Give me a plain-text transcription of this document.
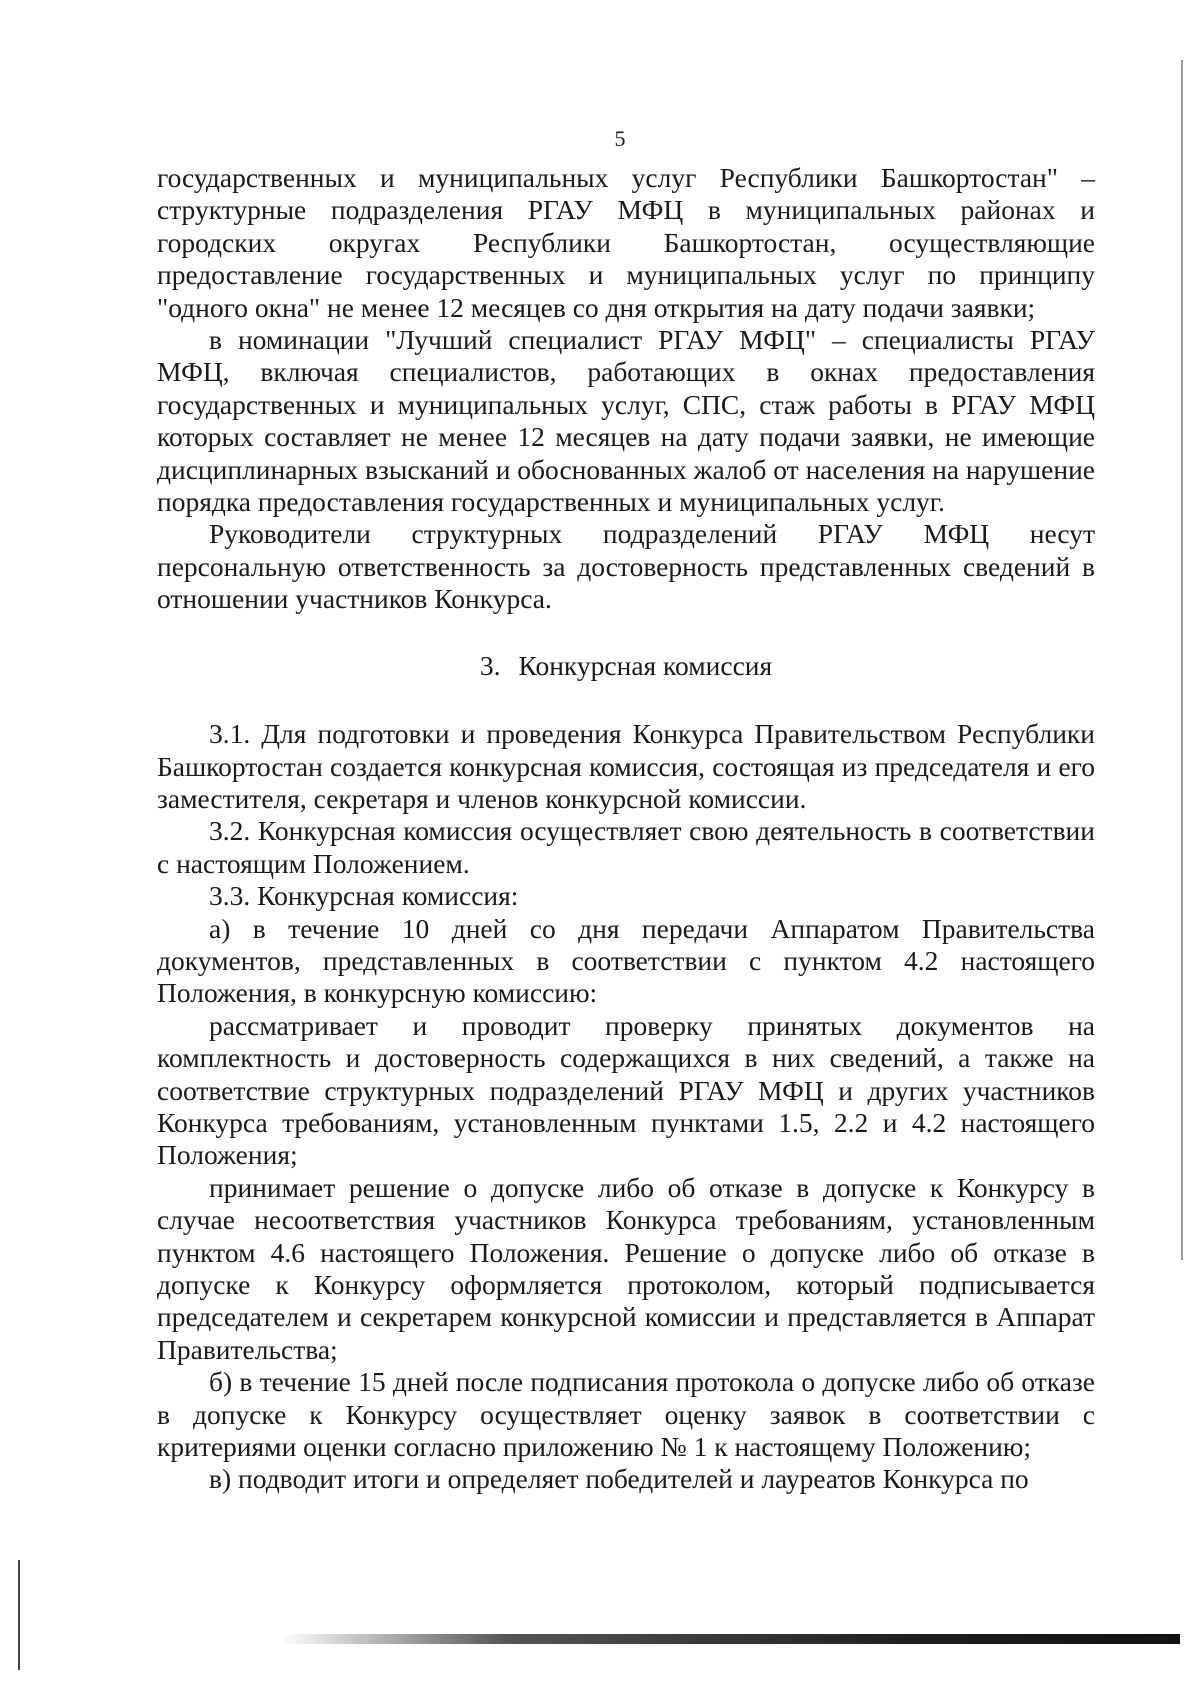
5

государственных и муниципальных услуг Республики Башкортостан" – структурные подразделения РГАУ МФЦ в муниципальных районах и городских округах Республики Башкортостан, осуществляющие предоставление государственных и муниципальных услуг по принципу "одного окна" не менее 12 месяцев со дня открытия на дату подачи заявки;

в номинации "Лучший специалист РГАУ МФЦ" – специалисты РГАУ МФЦ, включая специалистов, работающих в окнах предоставления государственных и муниципальных услуг, СПС, стаж работы в РГАУ МФЦ которых составляет не менее 12 месяцев на дату подачи заявки, не имеющие дисциплинарных взысканий и обоснованных жалоб от населения на нарушение порядка предоставления государственных и муниципальных услуг.

Руководители структурных подразделений РГАУ МФЦ несут персональную ответственность за достоверность представленных сведений в отношении участников Конкурса.

3. Конкурсная комиссия

3.1. Для подготовки и проведения Конкурса Правительством Республики Башкортостан создается конкурсная комиссия, состоящая из председателя и его заместителя, секретаря и членов конкурсной комиссии.

3.2. Конкурсная комиссия осуществляет свою деятельность в соответствии с настоящим Положением.

3.3. Конкурсная комиссия:

а) в течение 10 дней со дня передачи Аппаратом Правительства документов, представленных в соответствии с пунктом 4.2 настоящего Положения, в конкурсную комиссию:

рассматривает и проводит проверку принятых документов на комплектность и достоверность содержащихся в них сведений, а также на соответствие структурных подразделений РГАУ МФЦ и других участников Конкурса требованиям, установленным пунктами 1.5, 2.2 и 4.2 настоящего Положения;

принимает решение о допуске либо об отказе в допуске к Конкурсу в случае несоответствия участников Конкурса требованиям, установленным пунктом 4.6 настоящего Положения. Решение о допуске либо об отказе в допуске к Конкурсу оформляется протоколом, который подписывается председателем и секретарем конкурсной комиссии и представляется в Аппарат Правительства;

б) в течение 15 дней после подписания протокола о допуске либо об отказе в допуске к Конкурсу осуществляет оценку заявок в соответствии с критериями оценки согласно приложению № 1 к настоящему Положению;

в) подводит итоги и определяет победителей и лауреатов Конкурса по
